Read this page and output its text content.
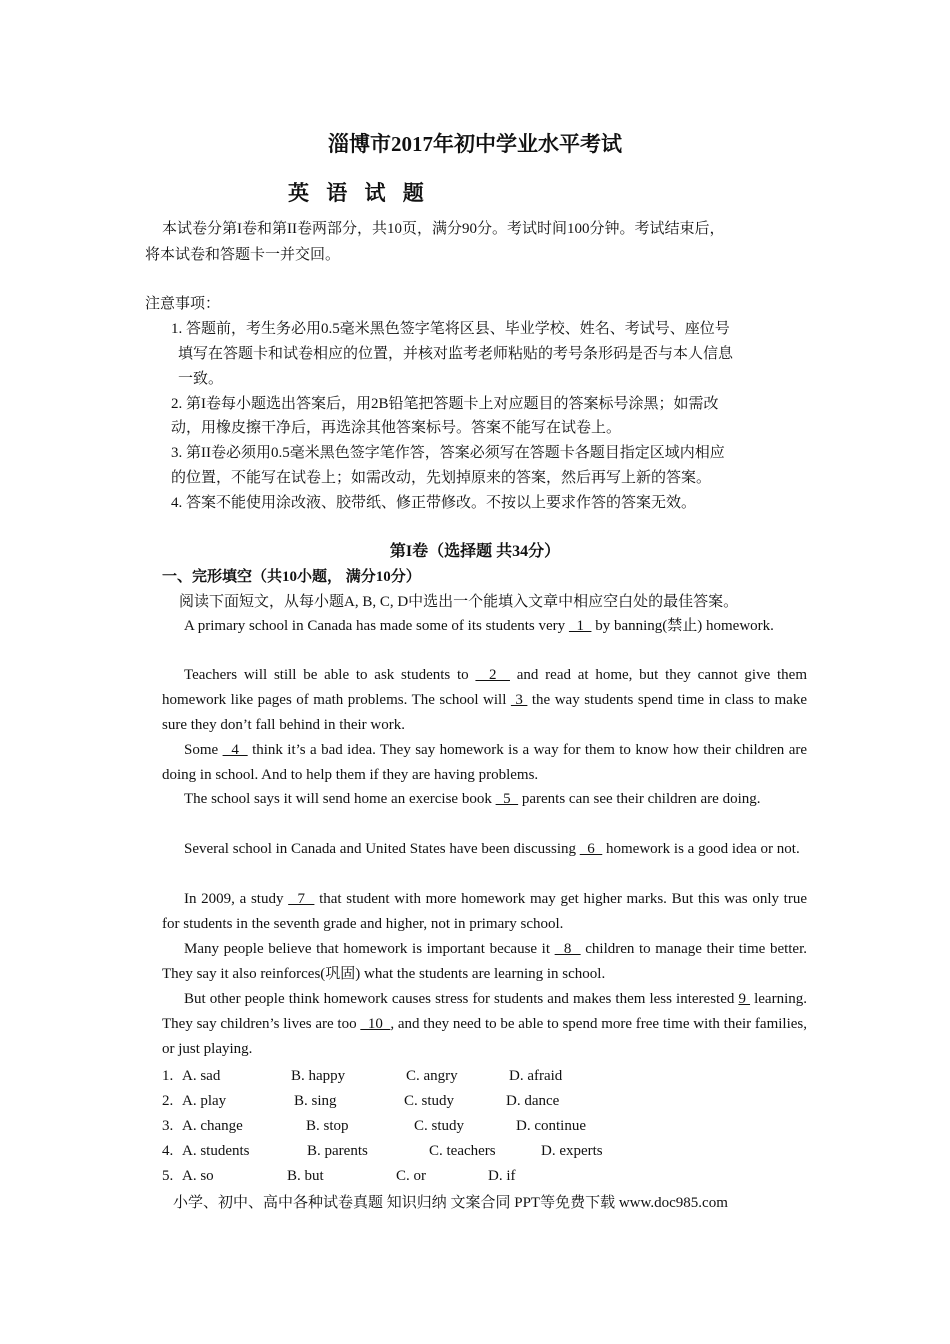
淄博市2017年初中学业水平考试
英 语 试 题
本试卷分第I卷和第II卷两部分，共10页，满分90分。考试时间100分钟。考试结束后，
将本试卷和答题卡一并交回。
注意事项：
1. 答题前，考生务必用0.5毫米黑色签字笔将区县、毕业学校、姓名、考试号、座位号
填写在答题卡和试卷相应的位置，并核对监考老师粘贴的考号条形码是否与本人信息
一致。
2. 第I卷每小题选出答案后，用2B铅笔把答题卡上对应题目的答案标号涂黑；如需改
动，用橡皮擦干净后，再选涂其他答案标号。答案不能写在试卷上。
3. 第II卷必须用0.5毫米黑色签字笔作答，答案必须写在答题卡各题目指定区域内相应
的位置，不能写在试卷上；如需改动，先划掉原来的答案，然后再写上新的答案。
4. 答案不能使用涂改液、胶带纸、修正带修改。不按以上要求作答的答案无效。
第I卷（选择题 共34分）
一、完形填空（共10小题， 满分10分）
阅读下面短文，从每小题A, B, C, D中选出一个能填入文章中相应空白处的最佳答案。
A primary school in Canada has made some of its students very   1   by banning(禁止) homework.
Teachers will still be able to ask students to   2   and read at home, but they cannot give them homework like pages of math problems. The school will  3  the way students spend time in class to make sure they don’t fall behind in their work.
Some   4   think it’s a bad idea. They say homework is a way for them to know how their children are doing in school. And to help them if they are having problems.
The school says it will send home an exercise book   5   parents can see their children are doing.
Several school in Canada and United States have been discussing   6   homework is a good idea or not.
In 2009, a study   7   that student with more homework may get higher marks. But this was only true for students in the seventh grade and higher, not in primary school.
Many people believe that homework is important because it   8   children to manage their time better. They say it also reinforces(巩固) what the students are learning in school.
But other people think homework causes stress for students and makes them less interested 9  learning. They say children’s lives are too   10  , and they need to be able to spend more free time with their families, or just playing.
1. A. sad	B. happy	C. angry	D. afraid
2. A. play	B. sing	C. study	D. dance
3. A. change	B. stop	C. study	D. continue
4. A. students	B. parents	C. teachers	D. experts
5. A. so	B. but	C. or	D. if
小学、初中、高中各种试卷真题 知识归纳 文案合同 PPT等免费下载 www.doc985.com
